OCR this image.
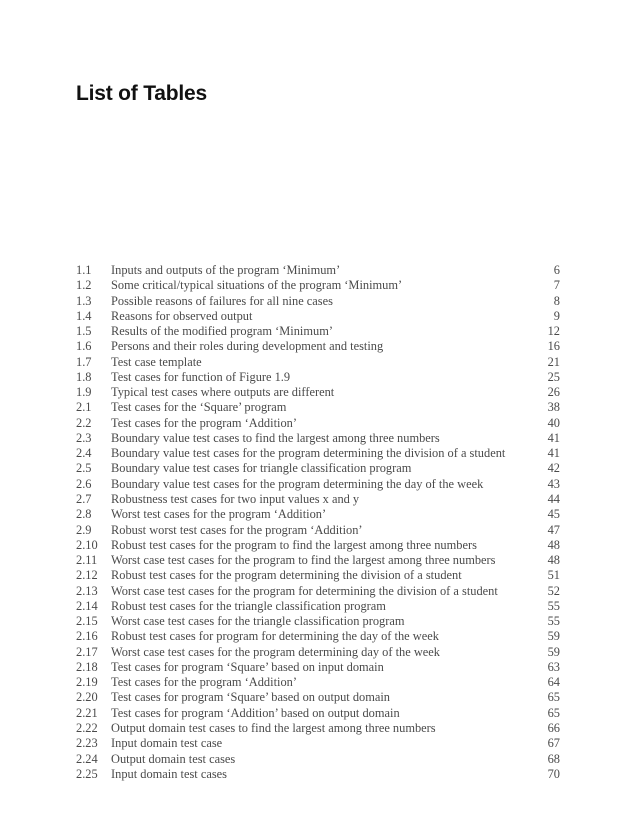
List of Tables
1.1	Inputs and outputs of the program ‘Minimum’	6
1.2	Some critical/typical situations of the program ‘Minimum’	7
1.3	Possible reasons of failures for all nine cases	8
1.4	Reasons for observed output	9
1.5	Results of the modified program ‘Minimum’	12
1.6	Persons and their roles during development and testing	16
1.7	Test case template	21
1.8	Test cases for function of Figure 1.9	25
1.9	Typical test cases where outputs are different	26
2.1	Test cases for the ‘Square’ program	38
2.2	Test cases for the program ‘Addition’	40
2.3	Boundary value test cases to find the largest among three numbers	41
2.4	Boundary value test cases for the program determining the division of a student	41
2.5	Boundary value test cases for triangle classification program	42
2.6	Boundary value test cases for the program determining the day of the week	43
2.7	Robustness test cases for two input values x and y	44
2.8	Worst test cases for the program ‘Addition’	45
2.9	Robust worst test cases for the program ‘Addition’	47
2.10	Robust test cases for the program to find the largest among three numbers	48
2.11	Worst case test cases for the program to find the largest among three numbers	48
2.12	Robust test cases for the program determining the division of a student	51
2.13	Worst case test cases for the program for determining the division of a student	52
2.14	Robust test cases for the triangle classification program	55
2.15	Worst case test cases for the triangle classification program	55
2.16	Robust test cases for program for determining the day of the week	59
2.17	Worst case test cases for the program determining day of the week	59
2.18	Test cases for program ‘Square’ based on input domain	63
2.19	Test cases for the program ‘Addition’	64
2.20	Test cases for program ‘Square’ based on output domain	65
2.21	Test cases for program ‘Addition’ based on output domain	65
2.22	Output domain test cases to find the largest among three numbers	66
2.23	Input domain test case	67
2.24	Output domain test cases	68
2.25	Input domain test cases	70
